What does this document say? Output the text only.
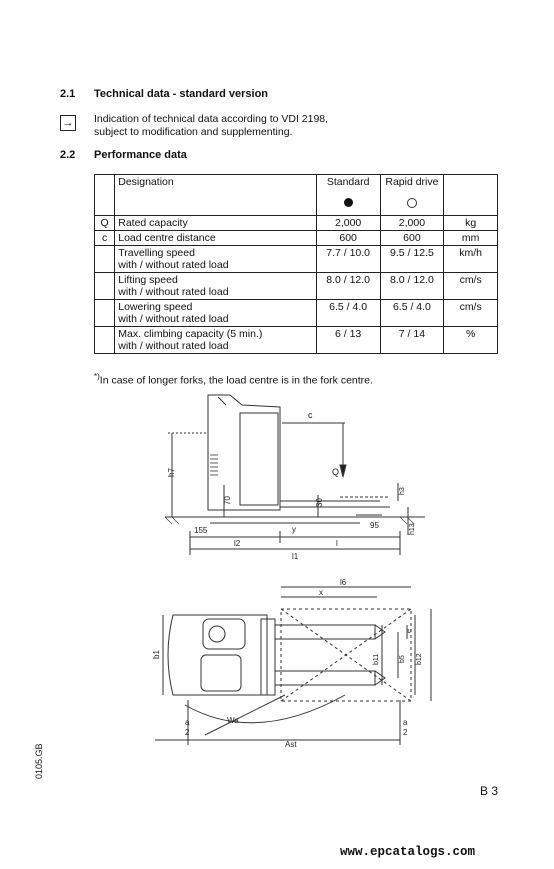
2.1 Technical data - standard version
→ Indication of technical data according to VDI 2198,
subject to modification and supplementing.
2.2 Performance data
	Designation	Standard	Rapid drive	

Q	Rated capacity	2,000	2,000	kg
c	Load centre distance	600	600	mm

	Travelling speed
with / without rated load	7.7 / 10.0	9.5 / 12.5	km/h

	Lifting speed
with / without rated load	8.0 / 12.0	8.0 / 12.0	cm/s

	Lowering speed
with / without rated load	6.5 / 4.0	6.5 / 4.0	cm/s

	Max. climbing capacity (5 min.)
with / without rated load	6 / 13	7 / 14	%
*)In case of longer forks, the load centre is in the fork centre.
c
Q
h7
h3
h13
70	30
155	y	95
l2	l
l1
l6
x
b1	b11	b5 b12
e
Wa
a
2
a
2
Ast
0105.GB
B 3
www.epcatalogs.com
